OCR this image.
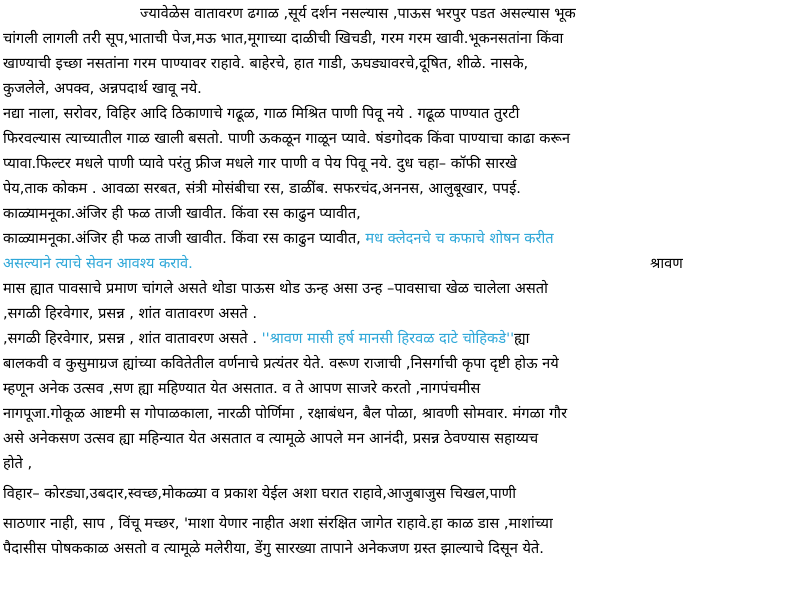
ज्यावेळेस वातावरण ढगाळ ,सूर्य दर्शन नसल्यास ,पाऊस भरपुर पडत असल्यास भूक
चांगली लागली तरी सूप,भाताची पेज,मऊ भात,मूगाच्या दाळीची खिचडी, गरम गरम खावी.भूकनसतांना किंवा
खाण्याची इच्छा नसतांना गरम पाण्यावर राहावे. बाहेरचे, हात गाडी, ऊघड्यावरचे,दूषित, शीळे. नासके,
कुजलेले, अपक्व, अन्नपदार्थ खावू नये.
नद्या नाला, सरोवर, विहिर आदि ठिकाणाचे गढूळ, गाळ मिश्रित पाणी पिवू नये . गढूळ पाण्यात तुरटी
फिरवल्यास त्याच्यातील गाळ खाली बसतो. पाणी ऊकळून गाळून प्यावे. षंडगोदक किंवा पाण्याचा काढा करून
प्यावा.फिल्टर मधले पाणी प्यावे परंतु फ्रीज मधले गार पाणी व पेय पिवू नये. दुध चहा– कॉफी सारखे
पेय,ताक कोकम . आवळा सरबत, संत्री मोसंबीचा रस, डाळींब. सफरचंद,अननस, आलुबूखार, पपई.
काळ्यामनूका.अंजिर ही फळ ताजी खावीत. किंवा रस काढुन प्यावीत,
काळ्यामनूका.अंजिर ही फळ ताजी खावीत. किंवा रस काढुन प्यावीत, मध क्लेदनचे च कफाचे शोषन करीत
असल्याने त्याचे सेवन आवश्य करावे.	श्रावण
मास ह्यात पावसाचे प्रमाण चांगले असते थोडा पाऊस थोड ऊन्ह असा उन्ह –पावसाचा खेळ चालेला असतो
,सगळी हिरवेगार, प्रसन्न , शांत वातावरण असते .
,सगळी हिरवेगार, प्रसन्न , शांत वातावरण असते . ''श्रावण मासी हर्ष मानसी हिरवळ दाटे चोहिकडे''ह्या
बालकवी व कुसुमाग्रज ह्यांच्या कवितेतील वर्णनाचे प्रत्यंतर येते. वरूण राजाची ,निसर्गाची कृपा दृष्टी होऊ नये
म्हणून अनेक उत्सव ,सण ह्या महिण्यात येत असतात. व ते आपण साजरे करतो ,नागपंचमीस
नागपूजा.गोकूळ आष्टमी स गोपाळकाला, नारळी पोर्णिमा , रक्षाबंधन, बैल पोळा, श्रावणी सोमवार. मंगळा गौर
असे अनेकसण उत्सव ह्या महिन्यात येत असतात व त्यामूळे आपले मन आनंदी, प्रसन्न ठेवण्यास सहाय्यच
होते ,
विहार– कोरड्या,उबदार,स्वच्छ,मोकळ्या व प्रकाश येईल अशा घरात राहावे,आजुबाजुस चिखल,पाणी
साठणार नाही, साप , विंचू मच्छर, 'माशा येणार नाहीत अशा संरक्षित जागेत राहावे.हा काळ डास ,माशांच्या
पैदासीस पोषककाळ असतो व त्यामूळे मलेरीया, डेंगु सारख्या तापाने अनेकजण ग्रस्त झाल्याचे दिसून येते.
